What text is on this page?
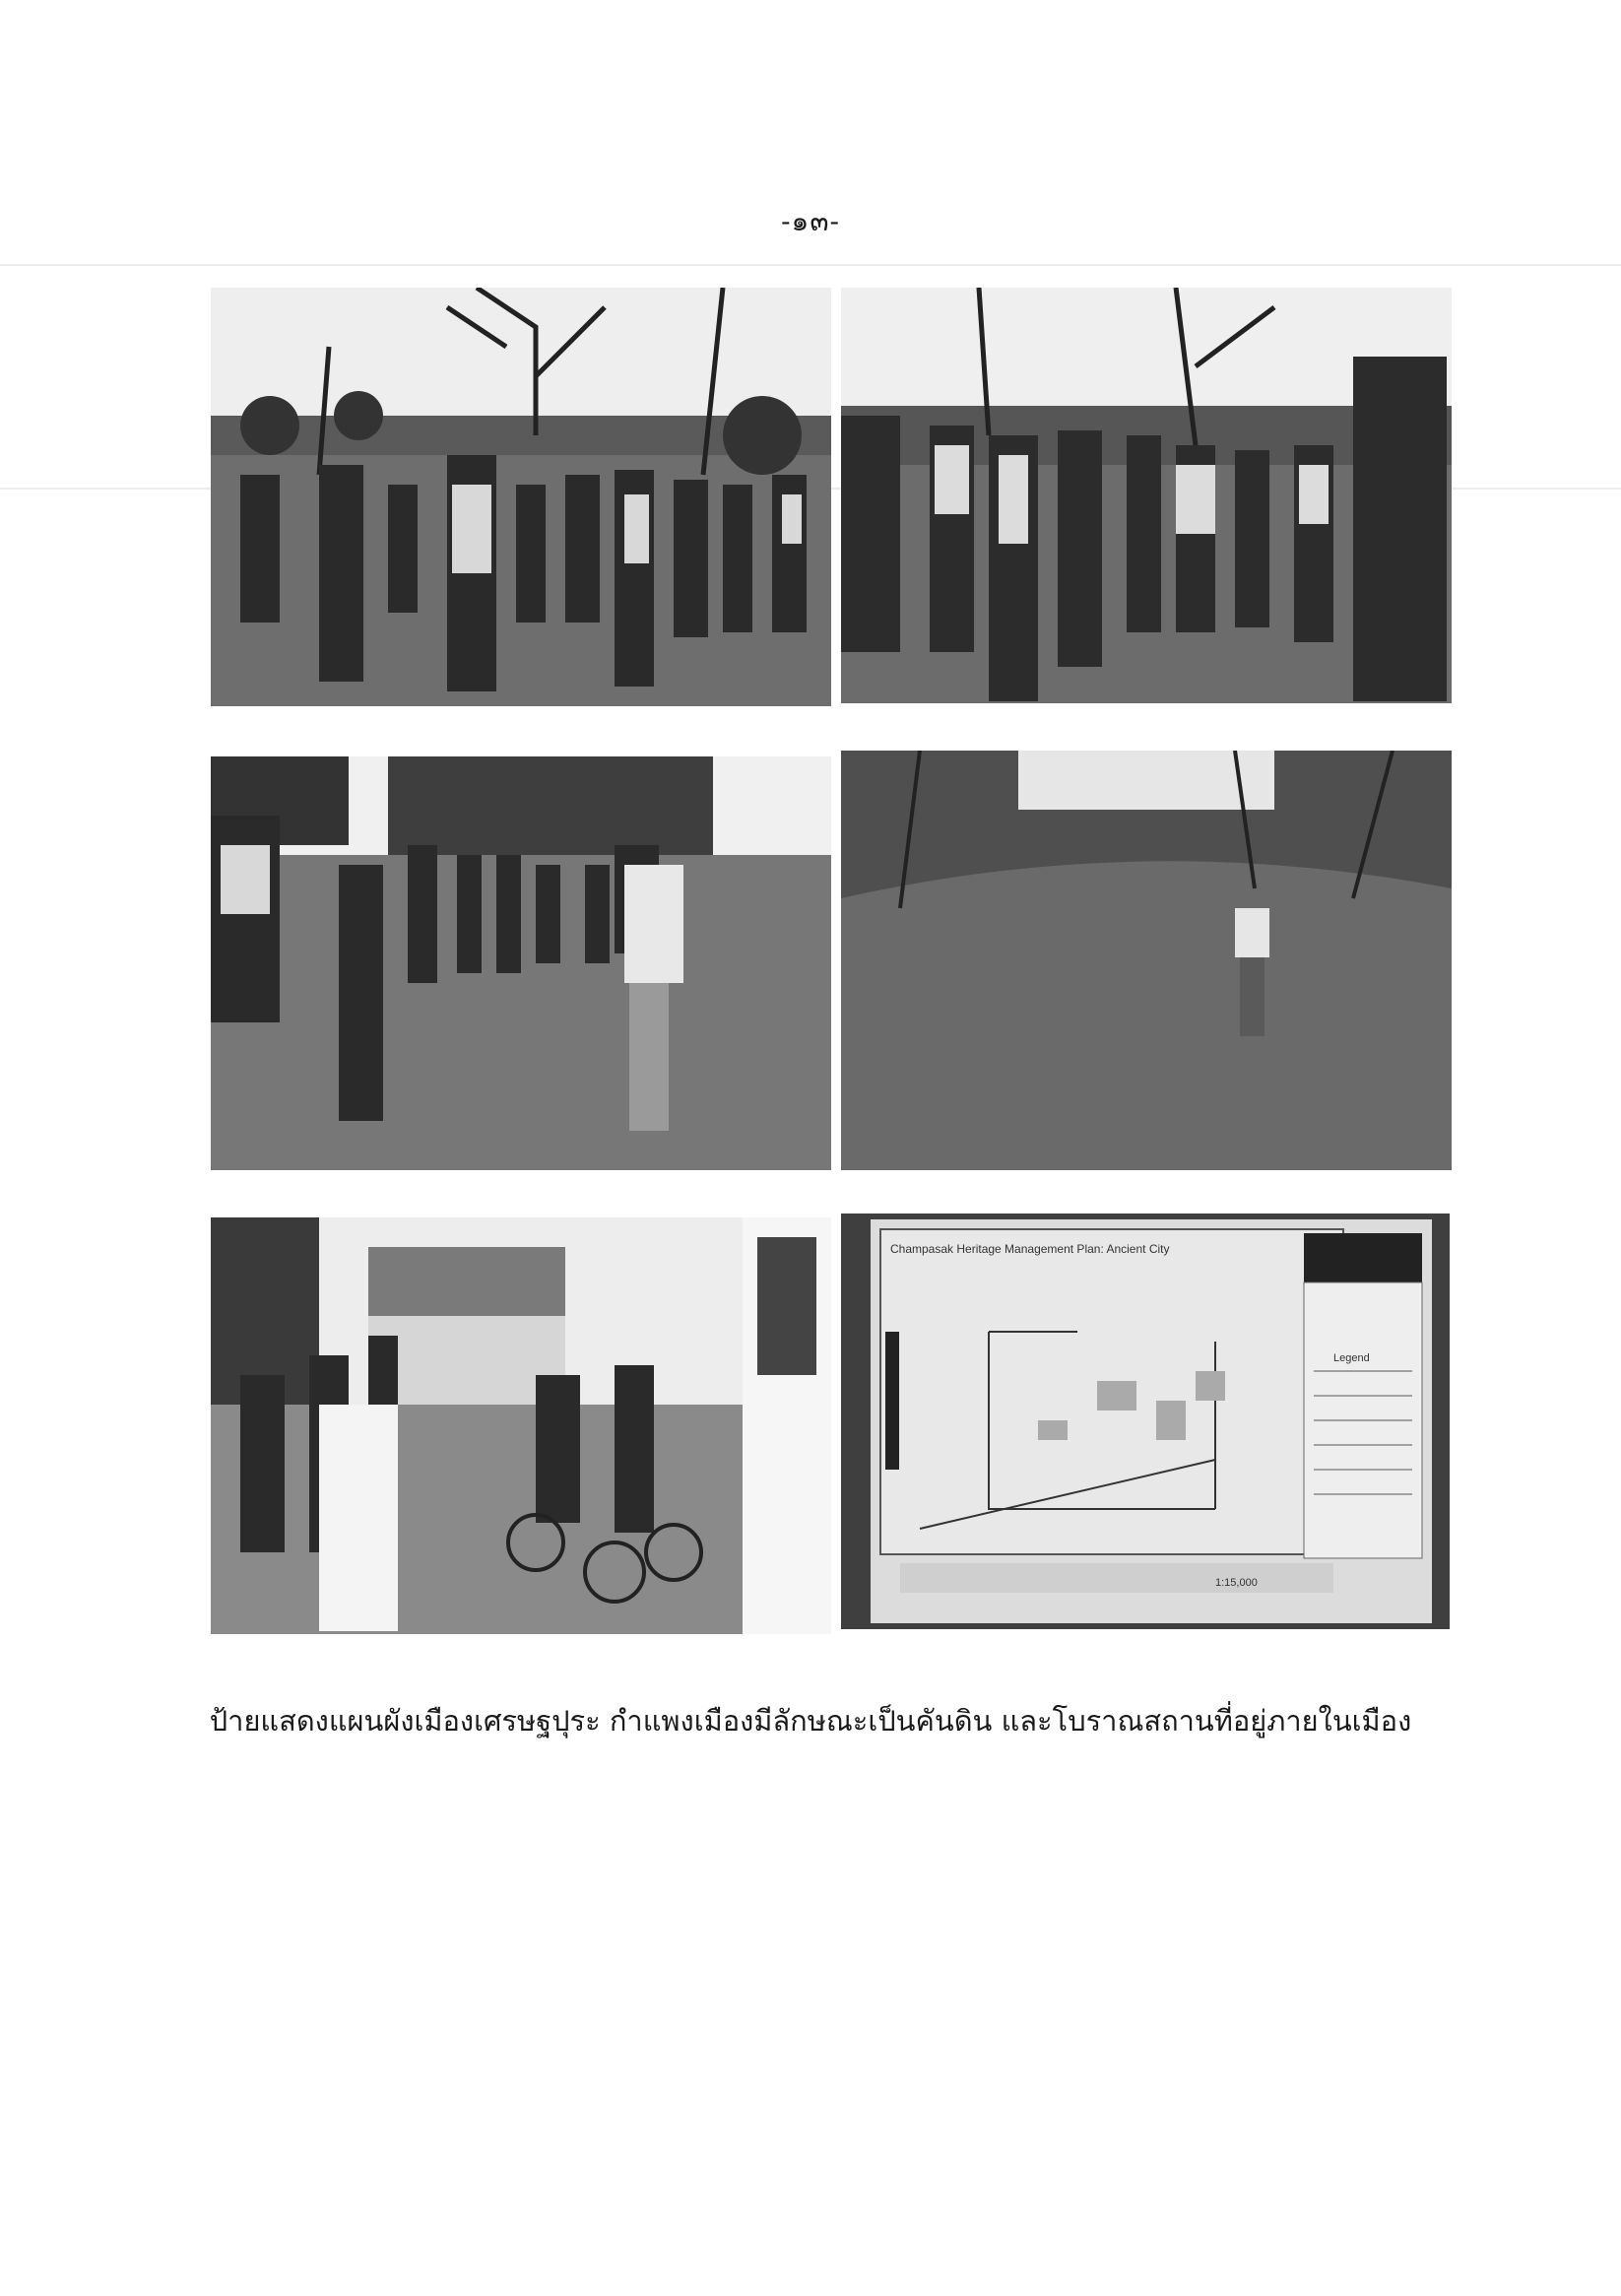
-๑๓-
Champasak Heritage Management Plan: Ancient City
Legend
1:15,000
ป้ายแสดงแผนผังเมืองเศรษฐปุระ กำแพงเมืองมีลักษณะเป็นคันดิน และโบราณสถานที่อยู่ภายในเมือง
